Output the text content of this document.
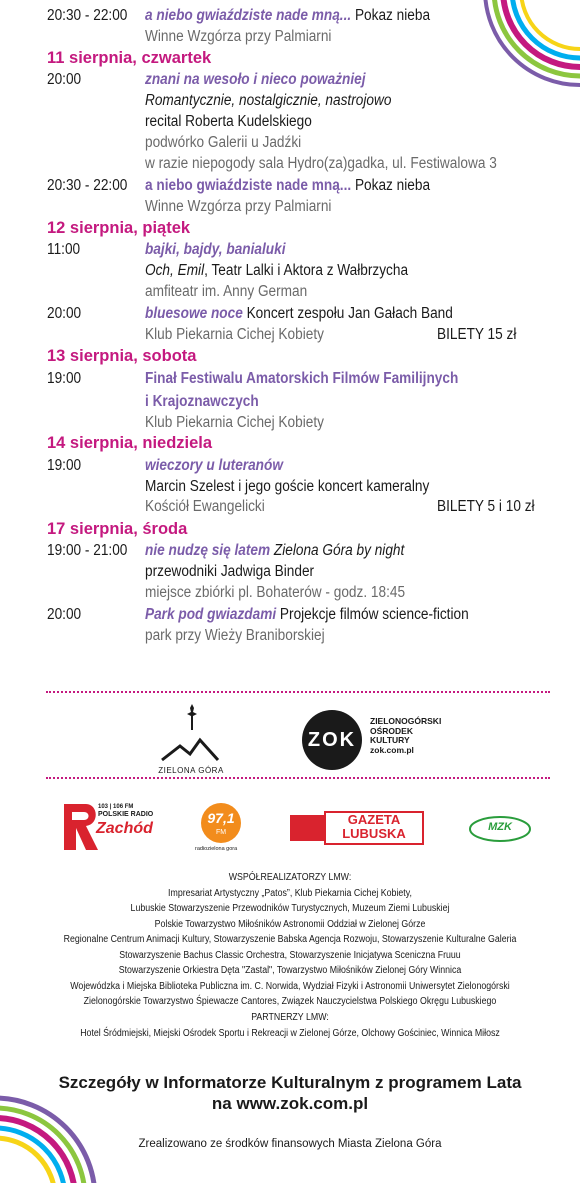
20:30 - 22:00 a niebo gwiaździste nade mną... Pokaz nieba
Winne Wzgórza przy Palmiarni
11 sierpnia, czwartek
20:00	znani na wesoło i nieco poważniej
Romantycznie, nostalgicznie, nastrojowo
recital Roberta Kudelskiego
podwórko Galerii u Jadźki
w razie niepogody sala Hydro(za)gadka, ul. Festiwalowa 3
20:30 - 22:00 a niebo gwiaździste nade mną... Pokaz nieba
Winne Wzgórza przy Palmiarni
12 sierpnia, piątek
11:00	bajki, bajdy, banialuki
Och, Emil, Teatr Lalki i Aktora z Wałbrzycha
amfiteatr im. Anny German
20:00	bluesowe noce Koncert zespołu Jan Gałach Band
Klub Piekarnia Cichej Kobiety	BILETY 15 zł
13 sierpnia, sobota
19:00	Finał Festiwalu Amatorskich Filmów Familijnych
i Krajoznawczych
Klub Piekarnia Cichej Kobiety
14 sierpnia, niedziela
19:00	wieczory u luteranów
Marcin Szelest i jego goście koncert kameralny
Kościół Ewangelicki	BILETY 5 i 10 zł
17 sierpnia, środa
19:00 - 21:00 nie nudzę się latem Zielona Góra by night
przewodniki Jadwiga Binder
miejsce zbiórki pl. Bohaterów - godz. 18:45
20:00	Park pod gwiazdami Projekcje filmów science-fiction
park przy Wieży Braniborskiej
ZIELONA GÓRA
ZOK
ZIELONOGÓRSKI
OŚRODEK
KULTURY
zok.com.pl
103 | 106 FM
POLSKIE RADIO
Zachód
97,1
FM
radiozielona gora
GAZETA
LUBUSKA	MZK
WSPÓŁREALIZATORZY LMW:
Impresariat Artystyczny „Patos”, Klub Piekarnia Cichej Kobiety,
Lubuskie Stowarzyszenie Przewodników Turystycznych, Muzeum Ziemi Lubuskiej
Polskie Towarzystwo Miłośników Astronomii Oddział w Zielonej Górze
Regionalne Centrum Animacji Kultury, Stowarzyszenie Babska Agencja Rozwoju, Stowarzyszenie Kulturalne Galeria
Stowarzyszenie Bachus Classic Orchestra, Stowarzyszenie Inicjatywa Sceniczna Fruuu
Stowarzyszenie Orkiestra Dęta "Zastal", Towarzystwo Miłośników Zielonej Góry Winnica
Wojewódzka i Miejska Biblioteka Publiczna im. C. Norwida, Wydział Fizyki i Astronomii Uniwersytet Zielonogórski
Zielonogórskie Towarzystwo Śpiewacze Cantores, Związek Nauczycielstwa Polskiego Okręgu Lubuskiego
PARTNERZY LMW:
Hotel Śródmiejski, Miejski Ośrodek Sportu i Rekreacji w Zielonej Górze, Olchowy Gościniec, Winnica Miłosz
Szczegóły w Informatorze Kulturalnym z programem Lata
na www.zok.com.pl
Zrealizowano ze środków finansowych Miasta Zielona Góra
